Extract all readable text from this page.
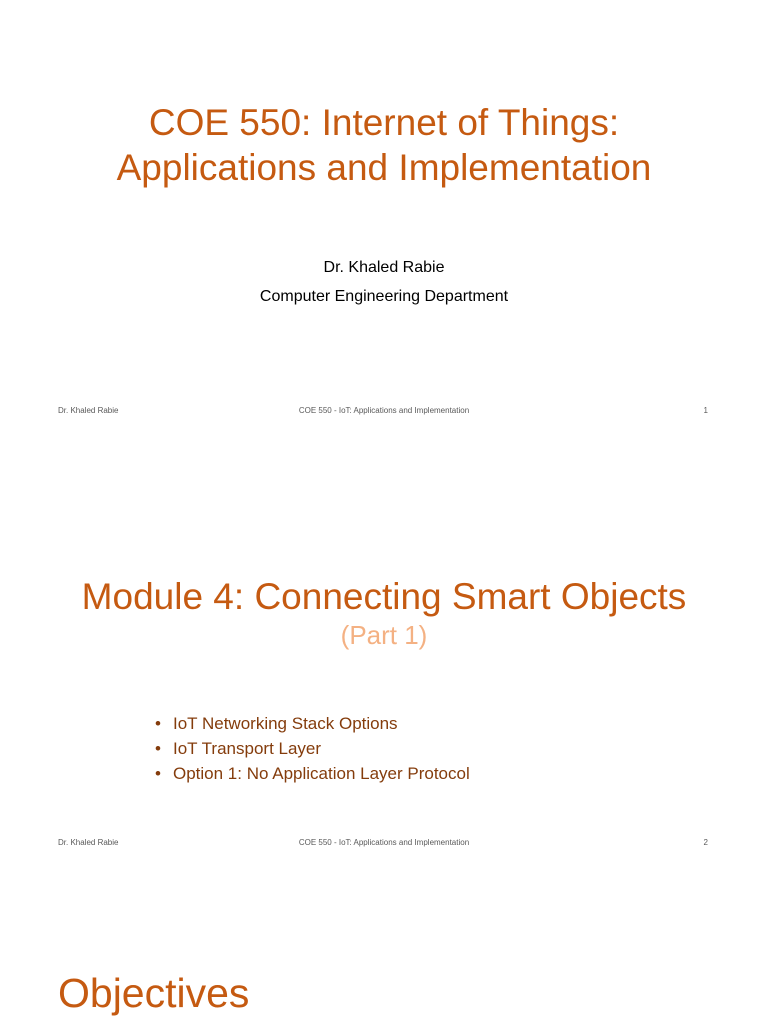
COE 550: Internet of Things:
Applications and Implementation
Dr. Khaled Rabie
Computer Engineering Department
Dr. Khaled Rabie	COE 550 - IoT: Applications and Implementation	1
Module 4: Connecting Smart Objects
(Part 1)
• IoT Networking Stack Options
• IoT Transport Layer
• Option 1: No Application Layer Protocol
Dr. Khaled Rabie	COE 550 - IoT: Applications and Implementation	2
Objectives
